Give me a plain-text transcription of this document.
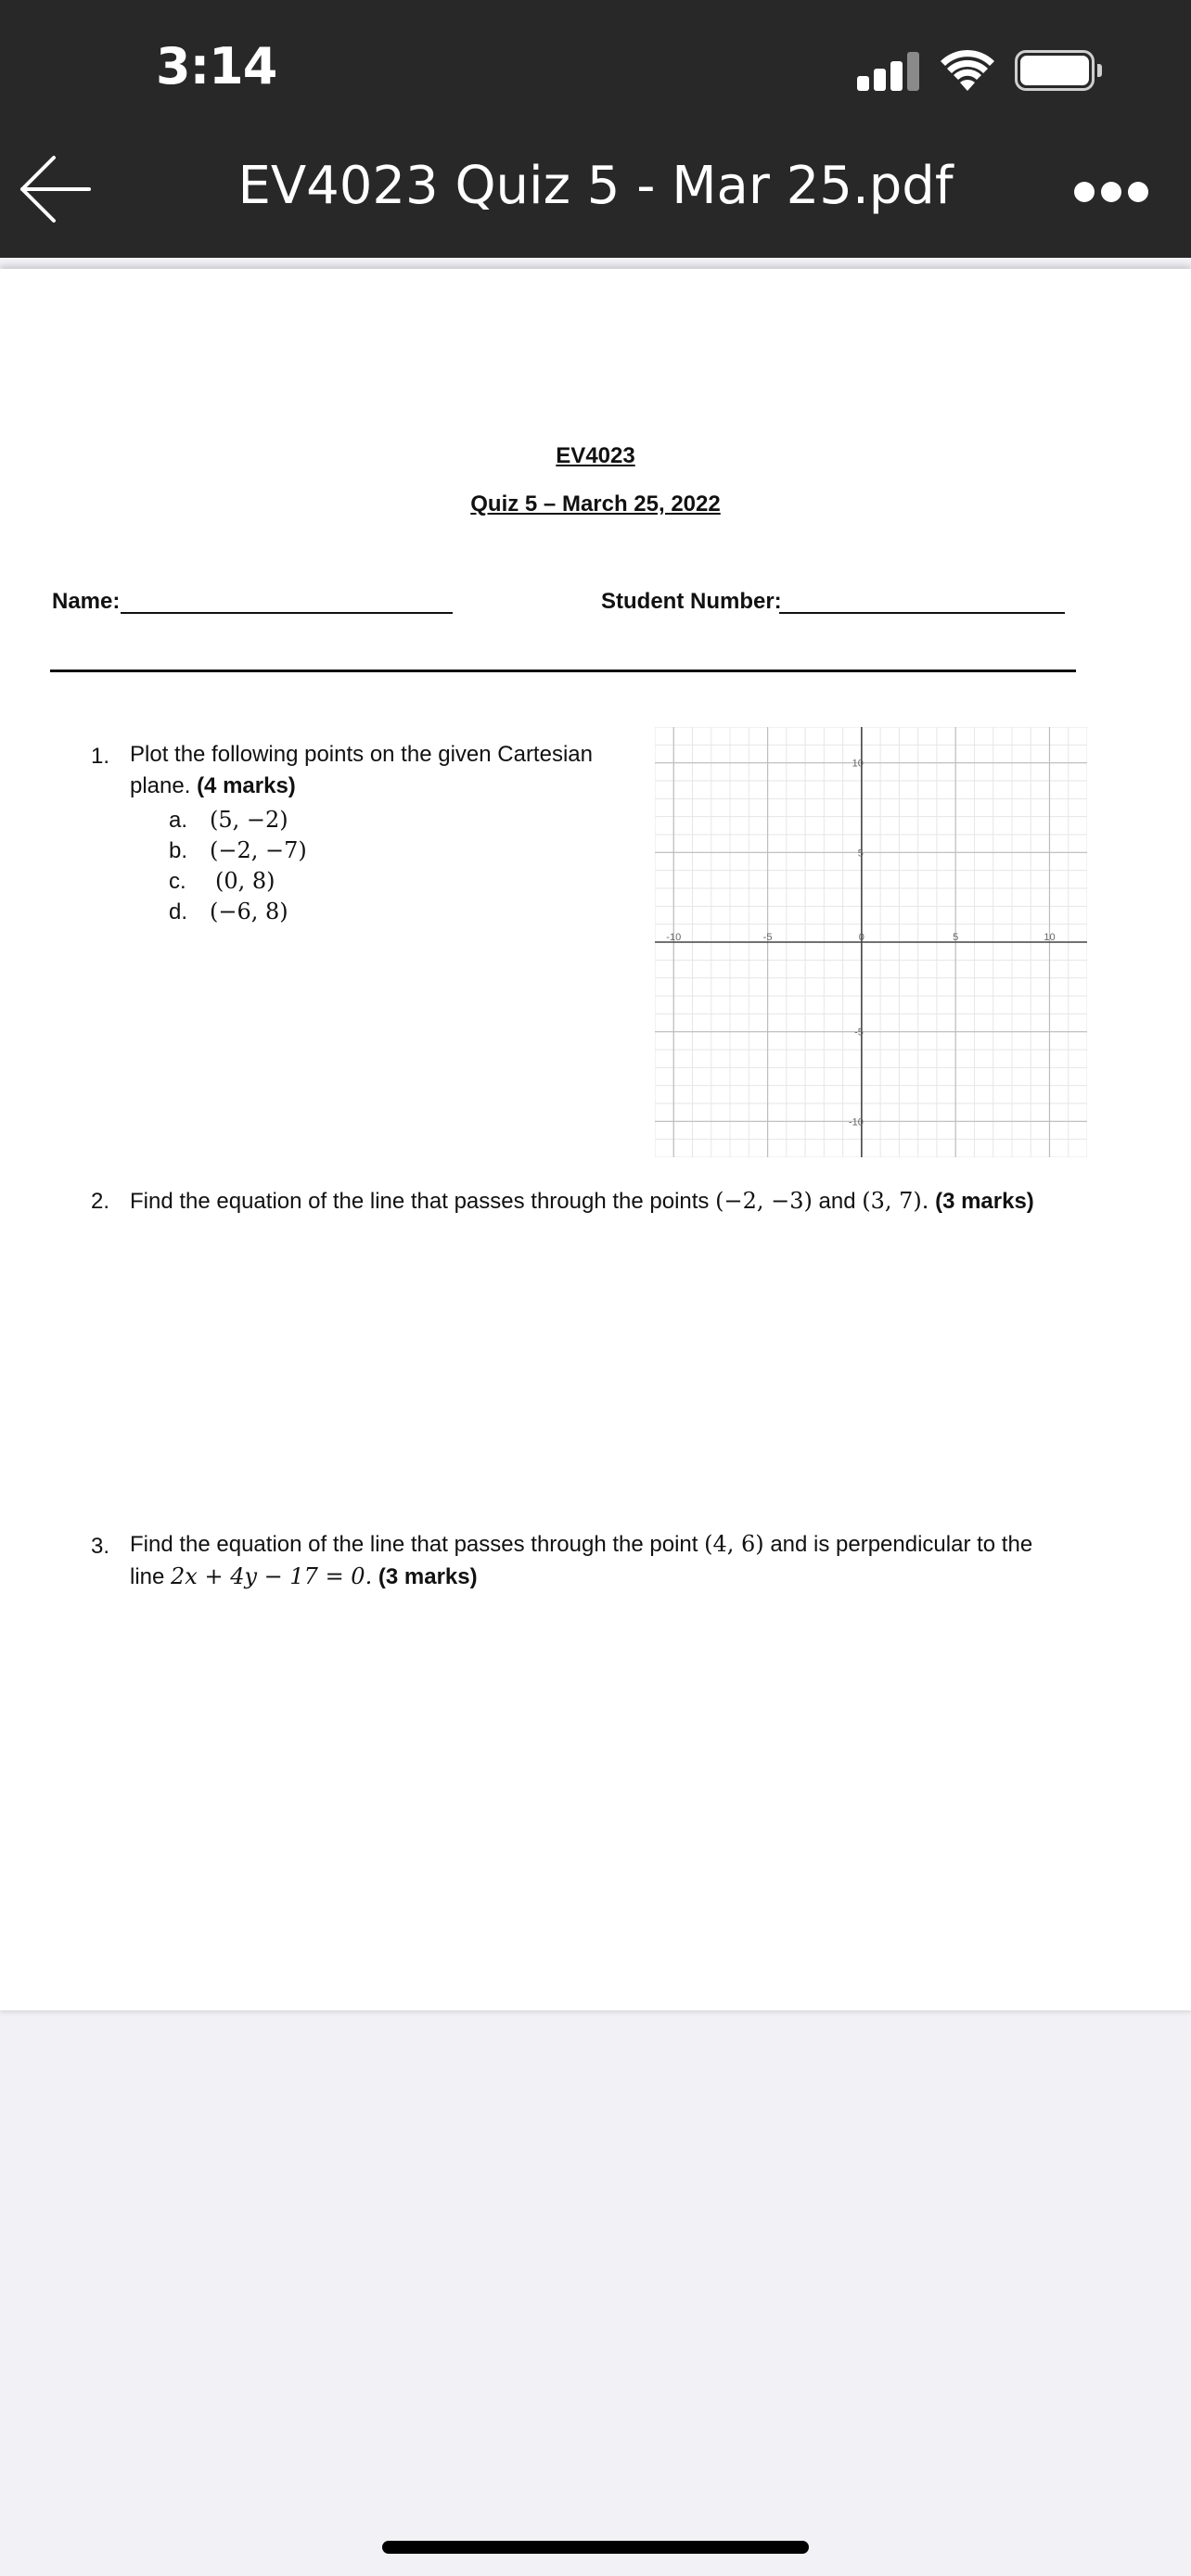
3:14
EV4023 Quiz 5 - Mar 25.pdf
EV4023
Quiz 5 – March 25, 2022
Name:	Student Number:
1. Plot the following points on the given Cartesian
plane. (4 marks)
a. (5, −2)
b. (−2, −7)
c. (0, 8)
d. (−6, 8)
-10	-5	0	5	10
10
5
-5
-10
2. Find the equation of the line that passes through the points (−2, −3) and (3, 7). (3 marks)
3. Find the equation of the line that passes through the point (4, 6) and is perpendicular to the
line 2x + 4y − 17 = 0. (3 marks)
